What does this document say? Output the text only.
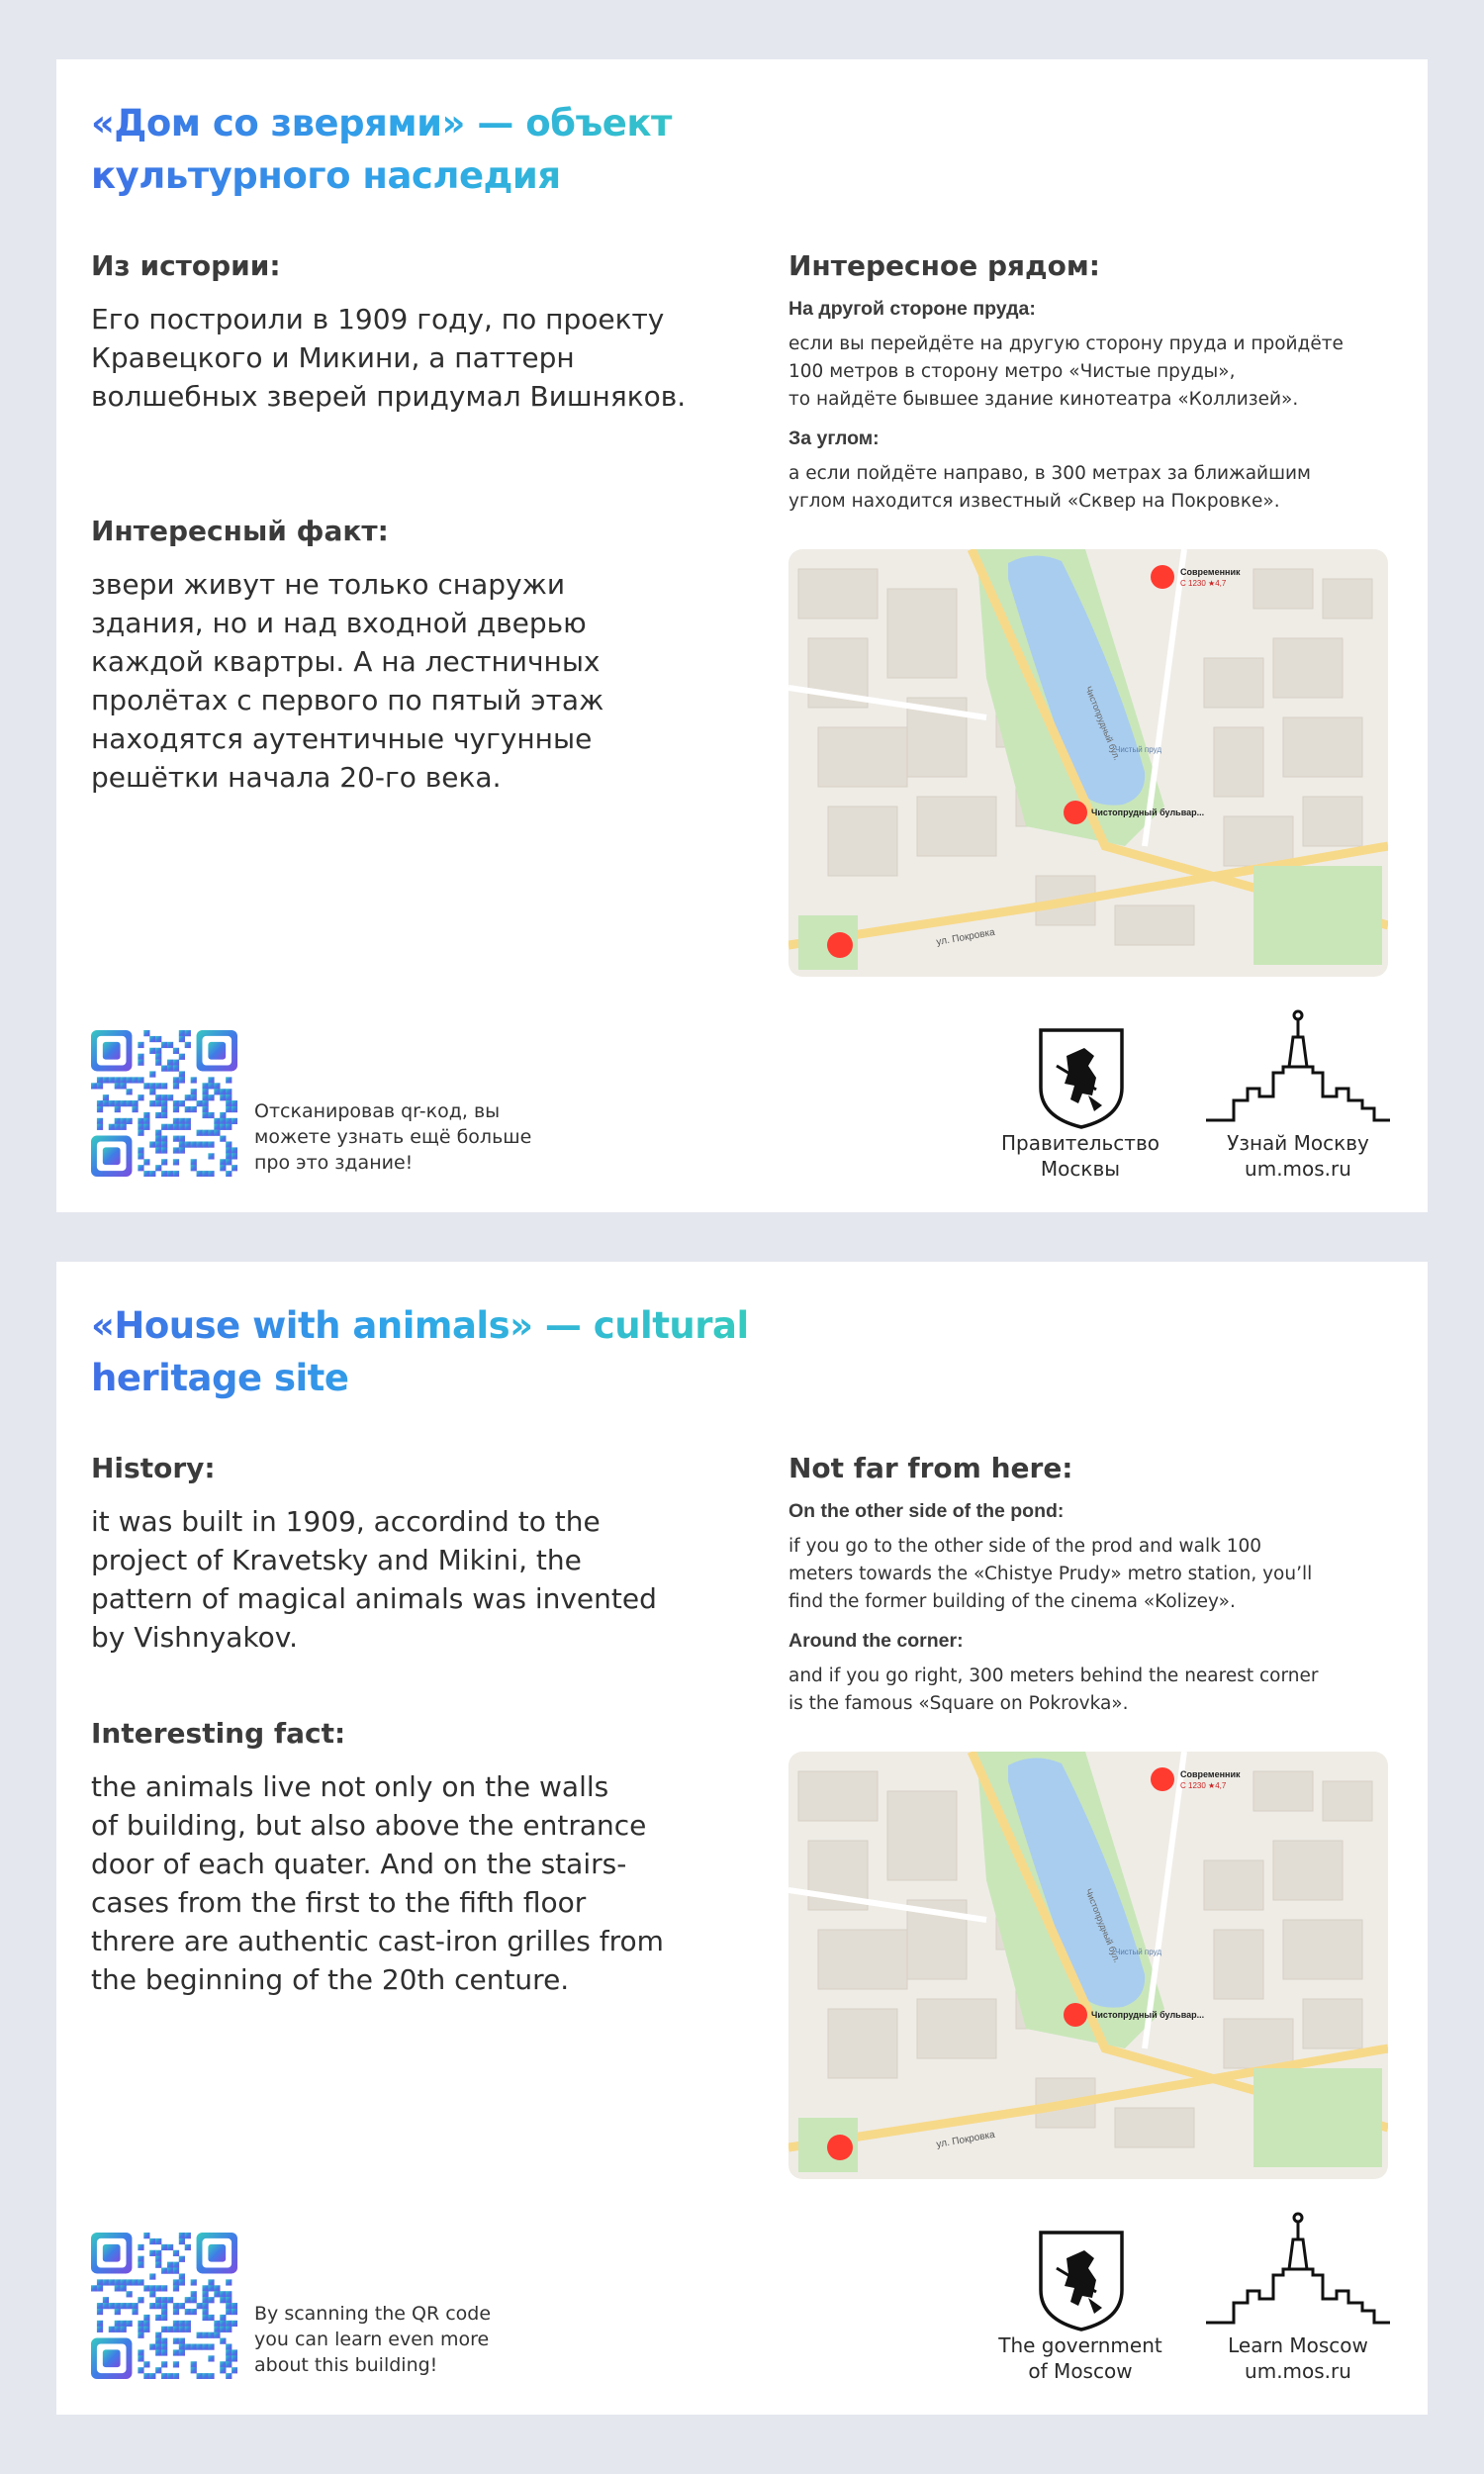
«Дом со зверями» — объект культурного наследия

Из истории:

Его построили в 1909 году, по проекту
Кравецкого и Микини, а паттерн
волшебных зверей придумал Вишняков.

Интересный факт:

звери живут не только снаружи
здания, но и над входной дверью
каждой квартры. А на лестничных
пролётах с первого по пятый этаж
находятся аутентичные чугунные
решётки начала 20-го века.

Интересное рядом:

На другой стороне пруда:

если вы перейдёте на другую сторону пруда и пройдёте
100 метров в сторону метро «Чистые пруды»,
то найдёте бывшее здание кинотеатра «Коллизей».

За углом:

а если пойдёте направо, в 300 метрах за ближайшим
углом находится известный «Сквер на Покровке».

Современник
С 1230 ★4,7
Чистопрудный бульвар...
Чистопрудный бул.
ул. Покровка
Чистый пруд
Отсканировав qr-код, вы
можете узнать ещё больше
про это здание!
Правительство
Москвы
Узнай Москву
um.mos.ru
«House with animals» — cultural heritage site

History:

it was built in 1909, accordind to the
project of Kravetsky and Mikini, the
pattern of magical animals was invented
by Vishnyakov.

Interesting fact:

the animals live not only on the walls
of building, but also above the entrance
door of each quater. And on the stairs-
cases from the first to the fifth floor
threre are authentic cast-iron grilles from
the beginning of the 20th centure.

Not far from here:

On the other side of the pond:

if you go to the other side of the prod and walk 100
meters towards the «Chistye Prudy» metro station, you’ll
find the former building of the cinema «Kolizey».

Around the corner:

and if you go right, 300 meters behind the nearest corner
is the famous «Square on Pokrovka».

Современник
С 1230 ★4,7
Чистопрудный бульвар...
Чистопрудный бул.
ул. Покровка
Чистый пруд
By scanning the QR code
you can learn even more
about this building!
The government
of Moscow
Learn Moscow
um.mos.ru
